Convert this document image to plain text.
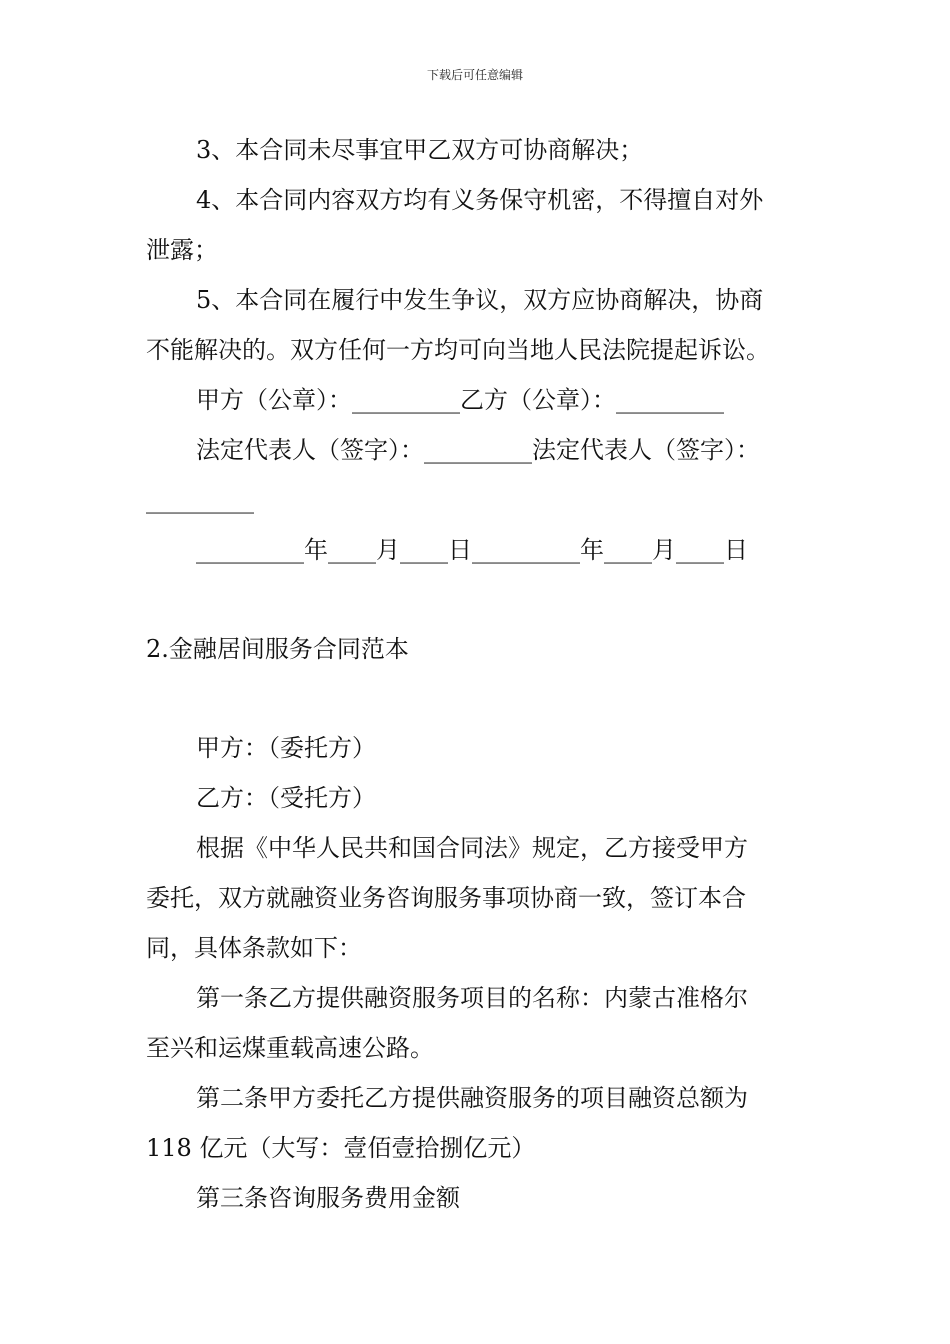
下载后可任意编辑
3、本合同未尽事宜甲乙双方可协商解决；
4、本合同内容双方均有义务保守机密，不得擅自对外
泄露；
5、本合同在履行中发生争议，双方应协商解决，协商
不能解决的。双方任何一方均可向当地人民法院提起诉讼。
甲方（公章）：_________乙方（公章）：_________
法定代表人（签字）：_________法定代表人（签字）：
_________
_________年____月____日_________年____月____日
2.金融居间服务合同范本
甲方：（委托方）
乙方：（受托方）
根据《中华人民共和国合同法》规定，乙方接受甲方
委托，双方就融资业务咨询服务事项协商一致，签订本合
同，具体条款如下：
第一条乙方提供融资服务项目的名称：内蒙古准格尔
至兴和运煤重载高速公路。
第二条甲方委托乙方提供融资服务的项目融资总额为
118 亿元（大写：壹佰壹拾捌亿元）
第三条咨询服务费用金额
